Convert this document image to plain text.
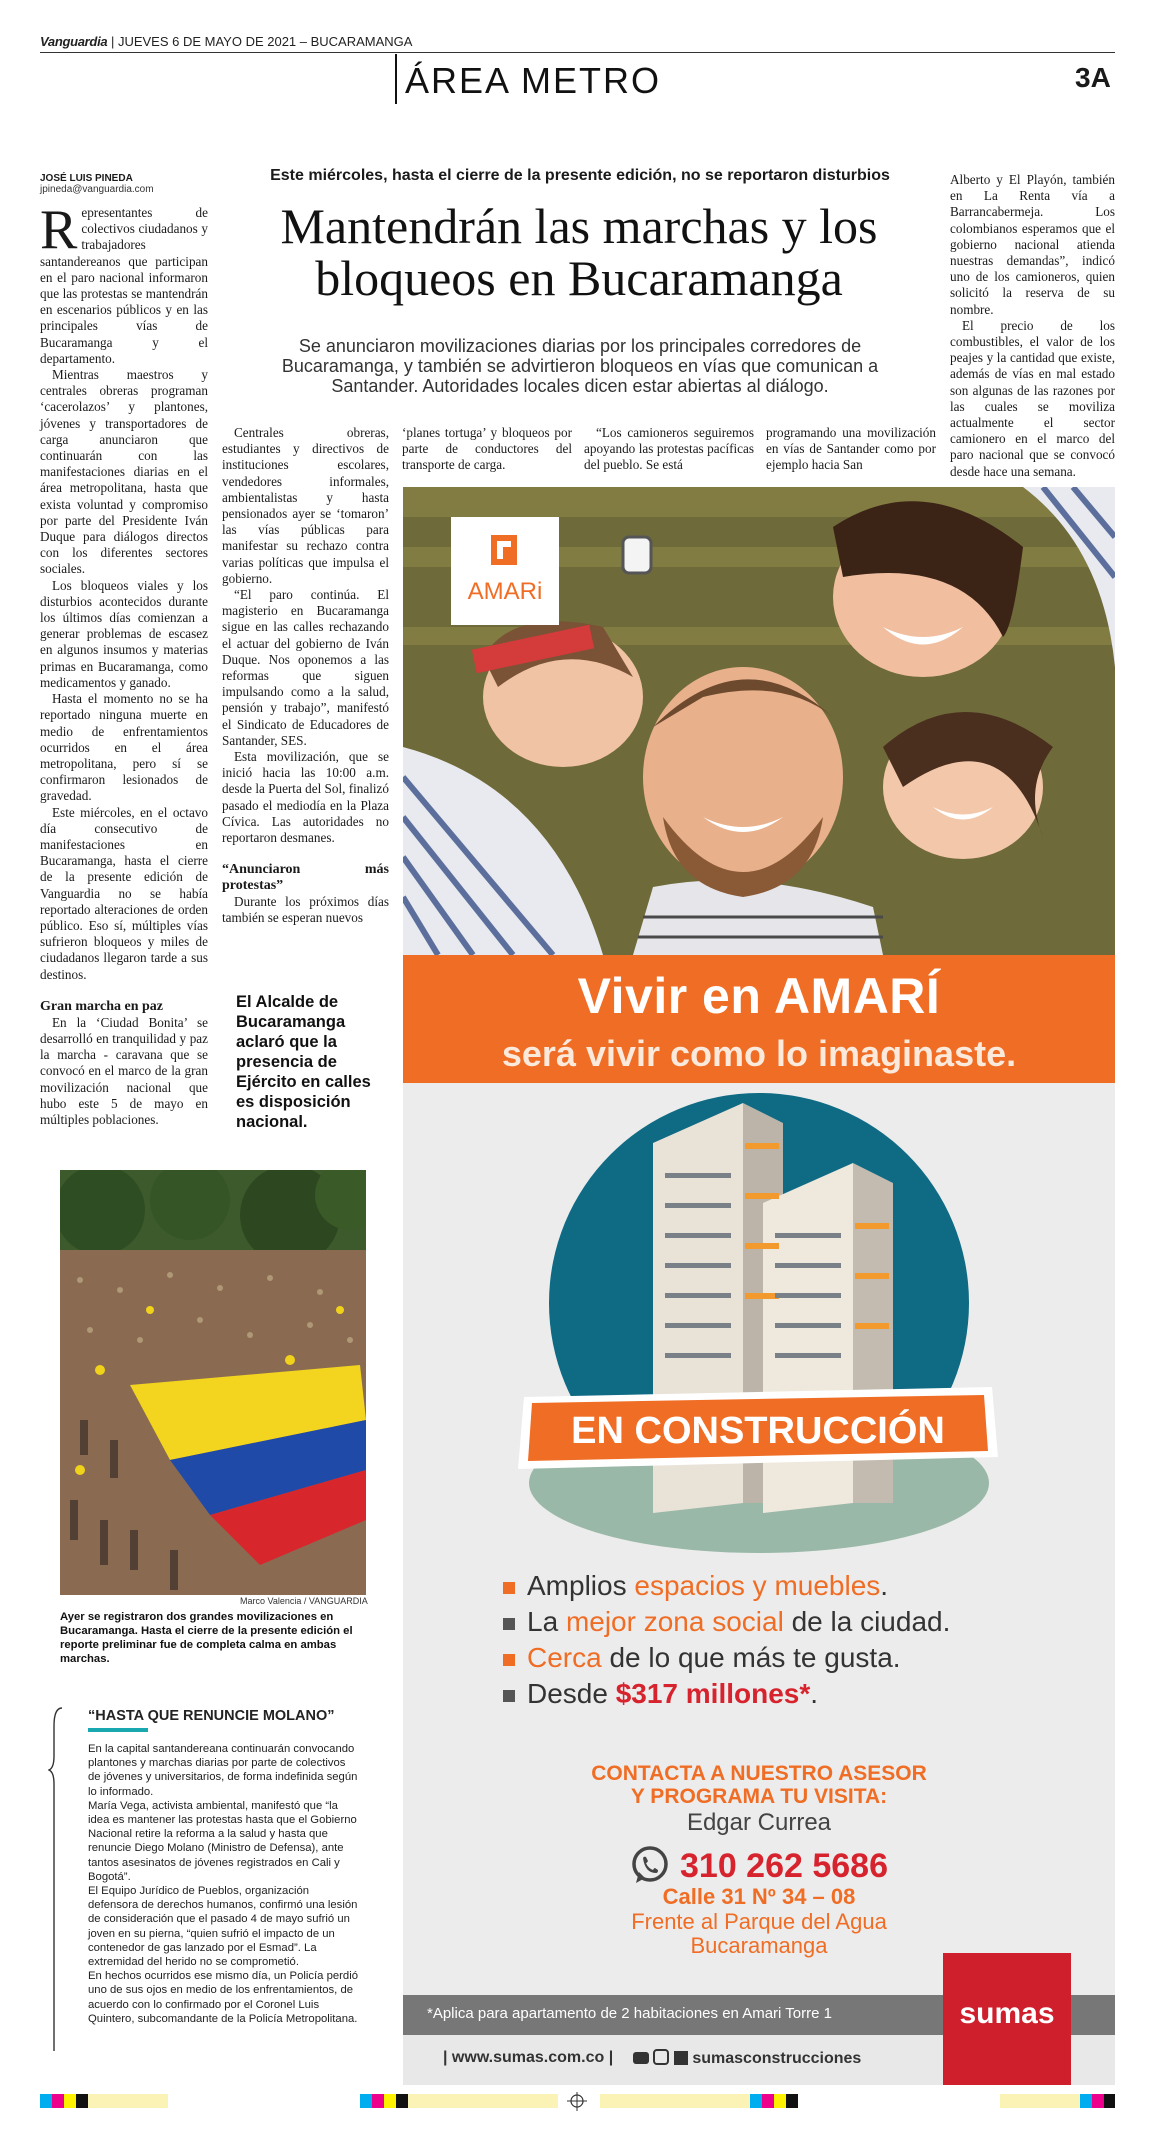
Vanguardia | JUEVES 6 DE MAYO DE 2021 – BUCARAMANGA
ÁREA METRO	3A
JOSÉ LUIS PINEDA
jpineda@vanguardia.com
Este miércoles, hasta el cierre de la presente edición, no se reportaron disturbios
Mantendrán las marchas y los bloqueos en Bucaramanga
Se anunciaron movilizaciones diarias por los principales corredores de Bucaramanga, y también se advirtieron bloqueos en vías que comunican a Santander. Autoridades locales dicen estar abiertas al diálogo.

Representantes de colectivos ciudadanos y trabajadores santandereanos que participan en el paro nacional informaron que las protestas se mantendrán en escenarios públicos y en las principales vías de Bucaramanga y el departamento.

Mientras maestros y centrales obreras programan ‘cacerolazos’ y plantones, jóvenes y transportadores de carga anunciaron que continuarán con las manifestaciones diarias en el área metropolitana, hasta que exista voluntad y compromiso por parte del Presidente Iván Duque para diálogos directos con los diferentes sectores sociales.

Los bloqueos viales y los disturbios acontecidos durante los últimos días comienzan a generar problemas de escasez en algunos insumos y materias primas en Bucaramanga, como medicamentos y ganado.

Hasta el momento no se ha reportado ninguna muerte en medio de enfrentamientos ocurridos en el área metropolitana, pero sí se confirmaron lesionados de gravedad.

Este miércoles, en el octavo día consecutivo de manifestaciones en Bucaramanga, hasta el cierre de la presente edición de Vanguardia no se había reportado alteraciones de orden público. Eso sí, múltiples vías sufrieron bloqueos y miles de ciudadanos llegaron tarde a sus destinos.

Gran marcha en paz

En la ‘Ciudad Bonita’ se desarrolló en tranquilidad y paz la marcha - caravana que se convocó en el marco de la gran movilización nacional que hubo este 5 de mayo en múltiples poblaciones.

Centrales obreras, estudiantes y directivos de instituciones escolares, vendedores informales, ambientalistas y hasta pensionados ayer se ‘tomaron’ las vías públicas para manifestar su rechazo contra varias políticas que impulsa el gobierno.

“El paro continúa. El magisterio en Bucaramanga sigue en las calles rechazando el actuar del gobierno de Iván Duque. Nos oponemos a las reformas que siguen impulsando como a la salud, pensión y trabajo”, manifestó el Sindicato de Educadores de Santander, SES.

Esta movilización, que se inició hacia las 10:00 a.m. desde la Puerta del Sol, finalizó pasado el mediodía en la Plaza Cívica. Las autoridades no reportaron desmanes.

“Anunciaron más protestas”

Durante los próximos días también se esperan nuevos

‘planes tortuga’ y bloqueos por parte de conductores del transporte de carga.

“Los camioneros seguiremos apoyando las protestas pacíficas del pueblo. Se está

programando una movilización en vías de Santander como por ejemplo hacia San

Alberto y El Playón, también en La Renta vía a Barrancabermeja. Los colombianos esperamos que el gobierno nacional atienda nuestras demandas”, indicó uno de los camioneros, quien solicitó la reserva de su nombre.

El precio de los combustibles, el valor de los peajes y la cantidad que existe, además de vías en mal estado son algunas de las razones por las cuales se moviliza actualmente el sector camionero en el marco del paro nacional que se convocó desde hace una semana.

El Alcalde de Bucaramanga aclaró que la presencia de Ejército en calles es disposición nacional.
Marco Valencia / VANGUARDIA
Ayer se registraron dos grandes movilizaciones en Bucaramanga. Hasta el cierre de la presente edición el reporte preliminar fue de completa calma en ambas marchas.
“HASTA QUE RENUNCIE MOLANO”

En la capital santandereana continuarán convocando plantones y marchas diarias por parte de colectivos de jóvenes y universitarios, de forma indefinida según lo informado.

María Vega, activista ambiental, manifestó que “la idea es mantener las protestas hasta que el Gobierno Nacional retire la reforma a la salud y hasta que renuncie Diego Molano (Ministro de Defensa), ante tantos asesinatos de jóvenes registrados en Cali y Bogotá”.

El Equipo Jurídico de Pueblos, organización defensora de derechos humanos, confirmó una lesión de consideración que el pasado 4 de mayo sufrió un joven en su pierna, “quien sufrió el impacto de un contenedor de gas lanzado por el Esmad”. La extremidad del herido no se comprometió.

En hechos ocurridos ese mismo día, un Policía perdió uno de sus ojos en medio de los enfrentamientos, de acuerdo con lo confirmado por el Coronel Luis Quintero, subcomandante de la Policía Metropolitana.

AMARi
Vivir en AMARÍ
será vivir como lo imaginaste.
EN CONSTRUCCIÓN
Amplios espacios y muebles.
La mejor zona social de la ciudad.
Cerca de lo que más te gusta.
Desde $317 millones*.
CONTACTA A NUESTRO ASESOR
Y PROGRAMA TU VISITA:
Edgar Currea
310 262 5686
Calle 31 Nº 34 – 08
Frente al Parque del Agua
Bucaramanga
*Aplica para apartamento de 2 habitaciones en Amari Torre 1
| www.sumas.com.co |	sumasconstrucciones
sumas
